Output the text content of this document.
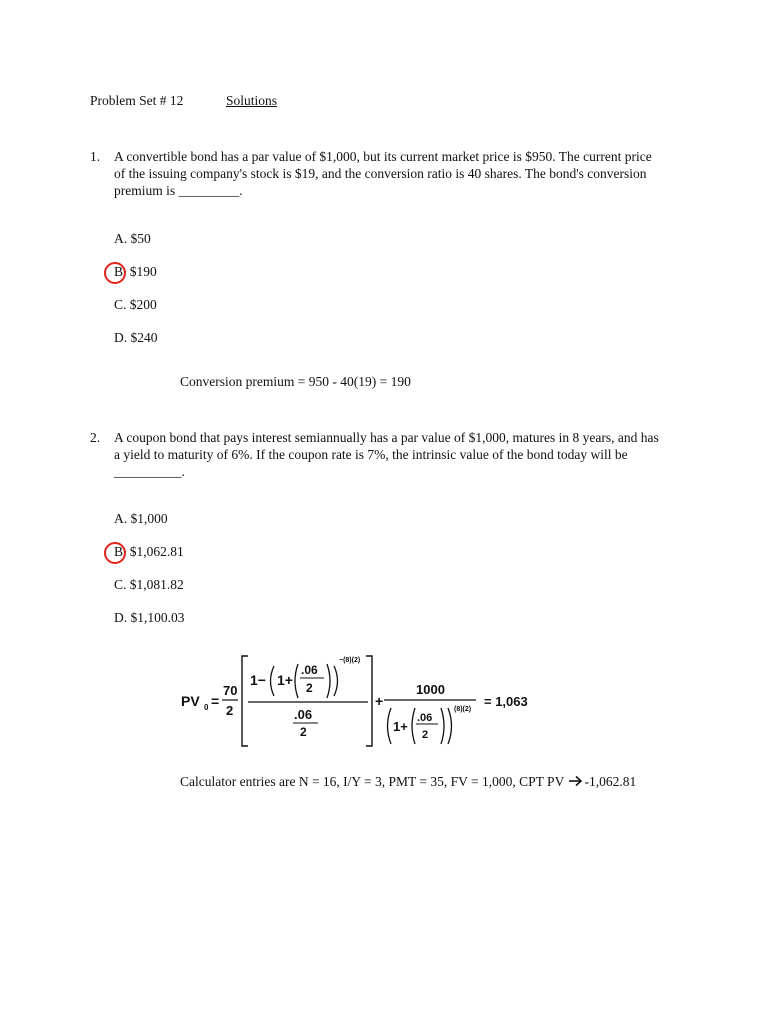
Problem Set # 12	Solutions
1. A convertible bond has a par value of $1,000, but its current market price is $950. The current price
of the issuing company's stock is $19, and the conversion ratio is 40 shares. The bond's conversion
premium is _________.
A. $50
B. $190
C. $200
D. $240
Conversion premium = 950 - 40(19) = 190
2. A coupon bond that pays interest semiannually has a par value of $1,000, matures in 8 years, and has
a yield to maturity of 6%. If the coupon rate is 7%, the intrinsic value of the bond today will be
__________.
A. $1,000
B. $1,062.81
C. $1,081.82
D. $1,100.03
PV 0 =
70
2
1− 1+
.06
2
−(8)(2)
.06
2
+
1000
1+
.06
2
(8)(2)
= 1,063
Calculator entries are N = 16, I/Y = 3, PMT = 35, FV = 1,000, CPT PV -1,062.81
